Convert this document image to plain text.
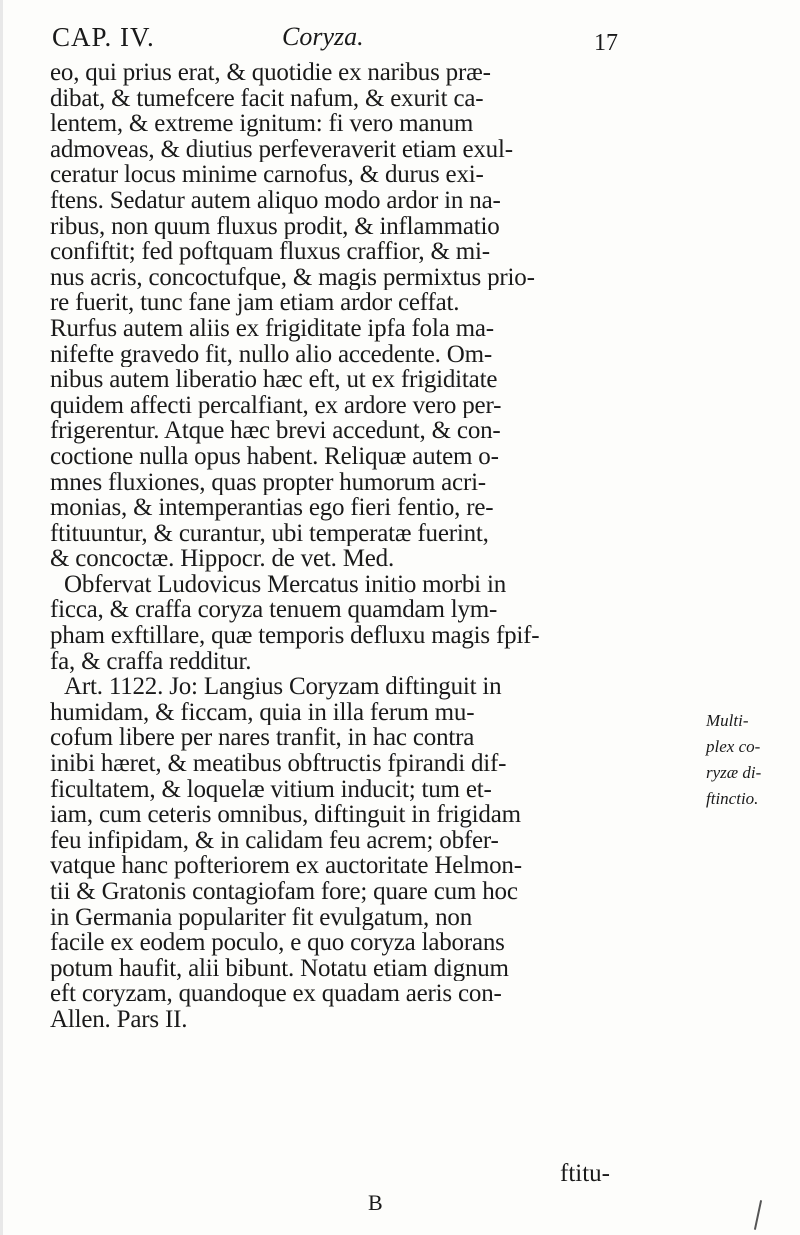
CAP. IV.	Coryza.	17
eo, qui prius erat, & quotidie ex naribus præ-
dibat, & tumefcere facit nafum, & exurit ca-
lentem, & extreme ignitum: fi vero manum
admoveas, & diutius perfeveraverit etiam exul-
ceratur locus minime carnofus, & durus exi-
ftens. Sedatur autem aliquo modo ardor in na-
ribus, non quum fluxus prodit, & inflammatio
confiftit; fed poftquam fluxus craffior, & mi-
nus acris, concoctufque, & magis permixtus prio-
re fuerit, tunc fane jam etiam ardor ceffat.
Rurfus autem aliis ex frigiditate ipfa fola ma-
nifefte gravedo fit, nullo alio accedente. Om-
nibus autem liberatio hæc eft, ut ex frigiditate
quidem affecti percalfiant, ex ardore vero per-
frigerentur. Atque hæc brevi accedunt, & con-
coctione nulla opus habent. Reliquæ autem o-
mnes fluxiones, quas propter humorum acri-
monias, & intemperantias ego fieri fentio, re-
ftituuntur, & curantur, ubi temperatæ fuerint,
& concoctæ. Hippocr. de vet. Med.
Obfervat Ludovicus Mercatus initio morbi in
ficca, & craffa coryza tenuem quamdam lym-
pham exftillare, quæ temporis defluxu magis fpif-
fa, & craffa redditur.
Art. 1122. Jo: Langius Coryzam diftinguit in
humidam, & ficcam, quia in illa ferum mu-
cofum libere per nares tranfit, in hac contra
inibi hæret, & meatibus obftructis fpirandi dif-
ficultatem, & loquelæ vitium inducit; tum et-
iam, cum ceteris omnibus, diftinguit in frigidam
feu infipidam, & in calidam feu acrem; obfer-
vatque hanc pofteriorem ex auctoritate Helmon-
tii & Gratonis contagiofam fore; quare cum hoc
in Germania populariter fit evulgatum, non
facile ex eodem poculo, e quo coryza laborans
potum haufit, alii bibunt. Notatu etiam dignum
eft coryzam, quandoque ex quadam aeris con-
Allen. Pars II.
Multi-
plex co-
ryzæ di-
ftinctio.
ftitu-
B
